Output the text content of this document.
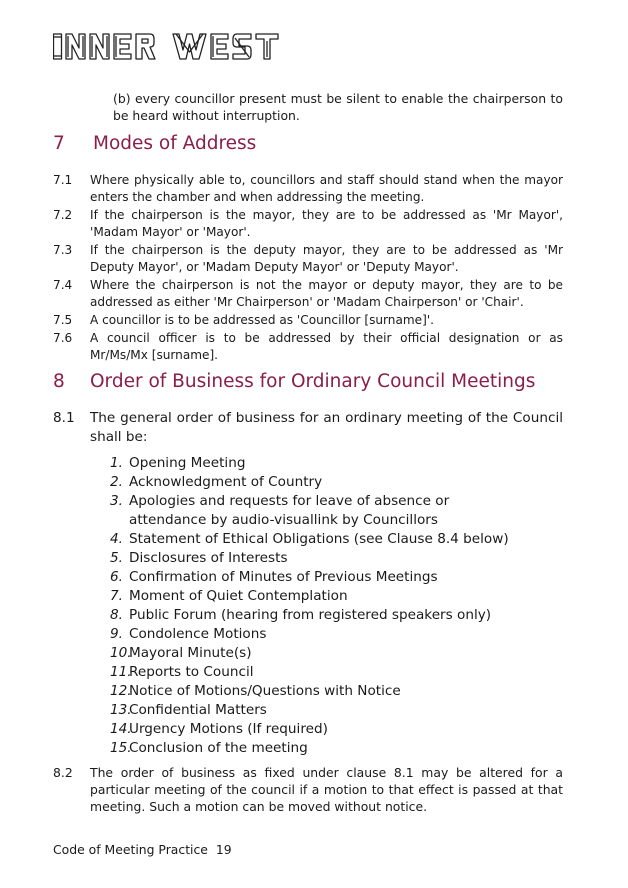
(b) every councillor present must be silent to enable the chairperson to be heard without interruption.

7 Modes of Address
7.1 Where physically able to, councillors and staff should stand when the mayor enters the chamber and when addressing the meeting.
7.2 If the chairperson is the mayor, they are to be addressed as 'Mr Mayor', 'Madam Mayor' or 'Mayor'.
7.3 If the chairperson is the deputy mayor, they are to be addressed as 'Mr Deputy Mayor', or 'Madam Deputy Mayor' or 'Deputy Mayor'.
7.4 Where the chairperson is not the mayor or deputy mayor, they are to be addressed as either 'Mr Chairperson' or 'Madam Chairperson' or 'Chair'.
7.5 A councillor is to be addressed as 'Councillor [surname]'.
7.6 A council officer is to be addressed by their official designation or as Mr/Ms/Mx [surname].
8 Order of Business for Ordinary Council Meetings
8.1 The general order of business for an ordinary meeting of the Council shall be:
1. Opening Meeting
2. Acknowledgment of Country
3. Apologies and requests for leave of absence or attendance by audio-visuallink by Councillors
4. Statement of Ethical Obligations (see Clause 8.4 below)
5. Disclosures of Interests
6. Confirmation of Minutes of Previous Meetings
7. Moment of Quiet Contemplation
8. Public Forum (hearing from registered speakers only)
9. Condolence Motions
10.
Mayoral Minute(s)
11.
Reports to Council
12.
Notice of Motions/Questions with Notice
13.
Confidential Matters
14.
Urgency Motions (If required)
15.
Conclusion of the meeting
8.2 The order of business as fixed under clause 8.1 may be altered for a particular meeting of the council if a motion to that effect is passed at that meeting. Such a motion can be moved without notice.
Code of Meeting Practice 19
